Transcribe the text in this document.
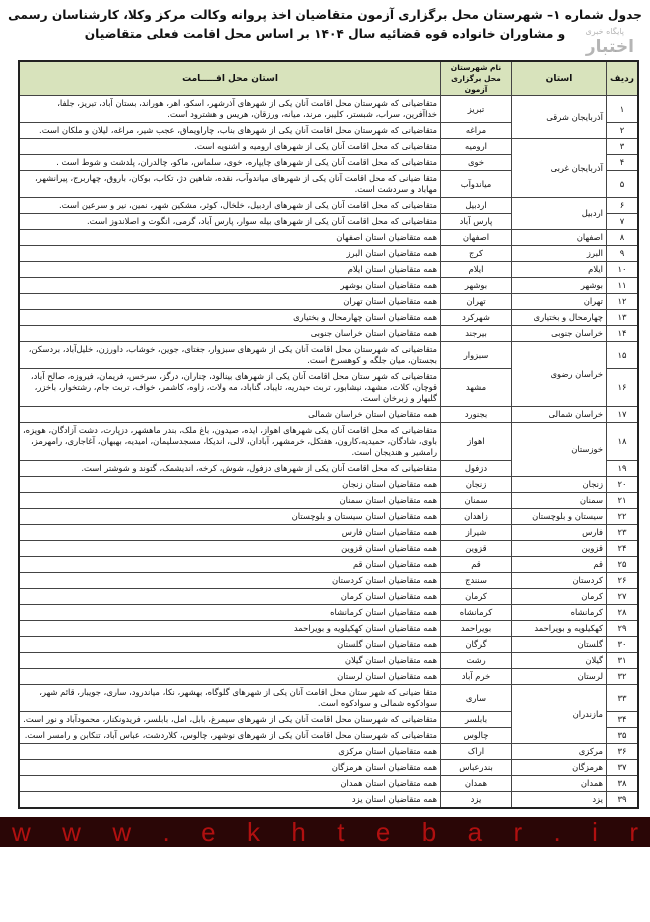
جدول شماره ۱– شهرستان محل برگزاری آزمون متقاضیان اخذ پروانه وکالت مرکز وکلا، کارشناسان رسمی و مشاوران خانواده قوه قضائیه سال ۱۴۰۴ بر اساس محل اقامت فعلی متقاضیان	پایگاه خبری
اختبار
ردیف	استان	نام شهرستان محل برگزاری آزمون	استان محل اقـــــامت
۱	آذربایجان شرقی	تبریز	متقاضیانی که شهرستان محل اقامت آنان یکی از شهرهای آذرشهر، اسکو، اهر، هوراند، بستان آباد، تبریز، جلفا، خداآفرین، سراب، شبستر، کلیبر، مرند، میانه، ورزقان، هریس و هشترود است.
۲		مراغه	متقاضیانی که شهرستان محل اقامت آنان یکی از شهرهای بناب، چاراویماق، عجب شیر، مراغه، لیلان و ملکان است.
۳	آذربایجان غربی	ارومیه	متقاضیانی که محل اقامت آنان یکی از شهرهای ارومیه و اشنویه است.
۴		خوی	متقاضیانی که محل اقامت آنان یکی از شهرهای چایپاره، خوی، سلماس، ماکو، چالدران، پلدشت و شوط است .
۵		میاندوآب	متقا ضیانی که محل اقامت آنان یکی از شهرهای میاندوآب، نقده، شاهین دژ، تکاب، بوکان، باروق، چهاربرج، پیرانشهر، مهاباد و سردشت است.
۶	اردبیل	اردبیل	متقاضیانی که محل اقامت آنان یکی از شهرهای اردبیل، خلخال، کوثر، مشکین شهر، نمین، نیر و سرعین است.
۷		پارس آباد	متقاضیانی که محل اقامت آنان یکی از شهرهای بیله سوار، پارس آباد، گرمی، انگوت و اصلاندوز است.
۸	اصفهان	اصفهان	همه متقاضیان استان اصفهان
۹	البرز	کرج	همه متقاضیان استان البرز
۱۰	ایلام	ایلام	همه متقاضیان استان ایلام
۱۱	بوشهر	بوشهر	همه متقاضیان استان بوشهر
۱۲	تهران	تهران	همه متقاضیان استان تهران
۱۳	چهارمحال و بختیاری	شهرکرد	همه متقاضیان استان چهارمحال و بختیاری
۱۴	خراسان جنوبی	بیرجند	همه متقاضیان استان خراسان جنوبی
۱۵	خراسان رضوی	سبزوار	متقاضیانی که شهرستان محل اقامت آنان یکی از شهرهای سبزوار، جغتای، جوین، خوشاب، داورزن، خلیل‌آباد، بردسکن، بجستان، میان جلگه و کوهسرخ است.
۱۶		مشهد	متقاضیانی که شهر ستان محل اقامت آنان یکی از شهرهای بینالود، چناران، درگز، سرخس، فریمان، فیروزه، صالح آباد، قوچان، کلات، مشهد، نیشابور، تربت حیدریه، تایباد، گناباد، مه ولات، زاوه، کاشمر، خواف، تربت جام، رشتخوار، باخزر، گلبهار و زبرخان است.
۱۷	خراسان شمالی	بجنورد	همه متقاضیان استان خراسان شمالی
۱۸	خوزستان	اهواز	متقاضیانی که محل اقامت آنان یکی شهرهای اهواز، ایذه، صیدون، باغ ملک، بندر ماهشهر، دزپارت، دشت آزادگان، هویزه، باوی، شادگان، حمیدیه،کارون، هفتکل، خرمشهر، آبادان، لالی، اندیکا، مسجدسلیمان، امیدیه، بهبهان، آغاجاری، رامهرمز، رامشیر و هندیجان است.
۱۹		دزفول	متقاضیانی که محل اقامت آنان یکی از شهرهای دزفول، شوش، کرخه، اندیشمک، گتوند و شوشتر است.
۲۰	زنجان	زنجان	همه متقاضیان استان زنجان
۲۱	سمنان	سمنان	همه متقاضیان استان سمنان
۲۲	سیستان و بلوچستان	زاهدان	همه متقاضیان استان سیستان و بلوچستان
۲۳	فارس	شیراز	همه متقاضیان استان فارس
۲۴	قزوین	قزوین	همه متقاضیان استان قزوین
۲۵	قم	قم	همه متقاضیان استان قم
۲۶	کردستان	سنندج	همه متقاضیان استان کردستان
۲۷	کرمان	کرمان	همه متقاضیان استان کرمان
۲۸	کرمانشاه	کرمانشاه	همه متقاضیان استان کرمانشاه
۲۹	کهکیلویه و بویراحمد	بویراحمد	همه متقاضیان استان کهکیلویه و بویراحمد
۳۰	گلستان	گرگان	همه متقاضیان استان گلستان
۳۱	گیلان	رشت	همه متقاضیان استان گیلان
۳۲	لرستان	خرم آباد	همه متقاضیان استان لرستان
۳۳	مازندران	ساری	متقا ضیانی که شهر ستان محل اقامت آنان یکی از شهرهای گلوگاه، بهشهر، نکا، میاندرود، ساری، جویبار، قائم شهر، سوادکوه شمالی و سوادکوه است.
۳۴		بابلسر	متقاضیانی که شهرستان محل اقامت آنان یکی از شهرهای سیمرغ، بابل، امل، بابلسر، فریدونکنار، محمودآباد و نور است.
۳۵		چالوس	متقاضیانی که شهرستان محل اقامت آنان یکی از شهرهای نوشهر، چالوس، کلاردشت، عباس آباد، تنکابن و رامسر است.
۳۶	مرکزی	اراک	همه متقاضیان استان مرکزی
۳۷	هرمزگان	بندرعباس	همه متقاضیان استان هرمزگان
۳۸	همدان	همدان	همه متقاضیان استان همدان
۳۹	یزد	یزد	همه متقاضیان استان یزد
w w w . e k h t e b a r . i r
